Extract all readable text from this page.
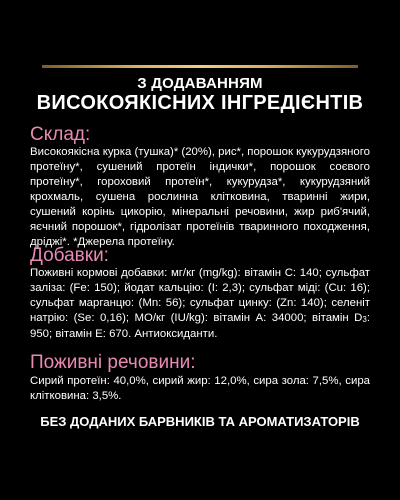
З ДОДАВАННЯМ
ВИСОКОЯКІСНИХ ІНГРЕДІЄНТІВ
Склад:
Високоякісна курка (тушка)* (20%), рис*, порошок кукурудзяного протеїну*, сушений протеїн індички*, порошок соєвого протеїну*, гороховий протеїн*, кукурудза*, кукурудзяний крохмаль, сушена рослинна клітковина, тваринні жири, сушений корінь цикорію, мінеральні речовини, жир риб'ячий, яєчний порошок*, гідролізат протеїнів тваринного походження, дріджі*. *Джерела протеїну.
Добавки:
Поживні кормові добавки: мг/кг (mg/kg): вітамін C: 140; сульфат заліза: (Fe: 150); йодат кальцію: (I: 2,3); сульфат міді: (Cu: 16); сульфат марганцю: (Mn: 56); сульфат цинку: (Zn: 140); селеніт натрію: (Se: 0,16); МО/кг (IU/kg): вітамін A: 34000; вітамін $D_3$: 950; вітамін E: 670. Антиоксиданти.
Поживні речовини:
Сирий протеїн: 40,0%, сирий жир: 12,0%, сира зола: 7,5%, сира клітковина: 3,5%.
БЕЗ ДОДАНИХ БАРВНИКІВ ТА АРОМАТИЗАТОРІВ
